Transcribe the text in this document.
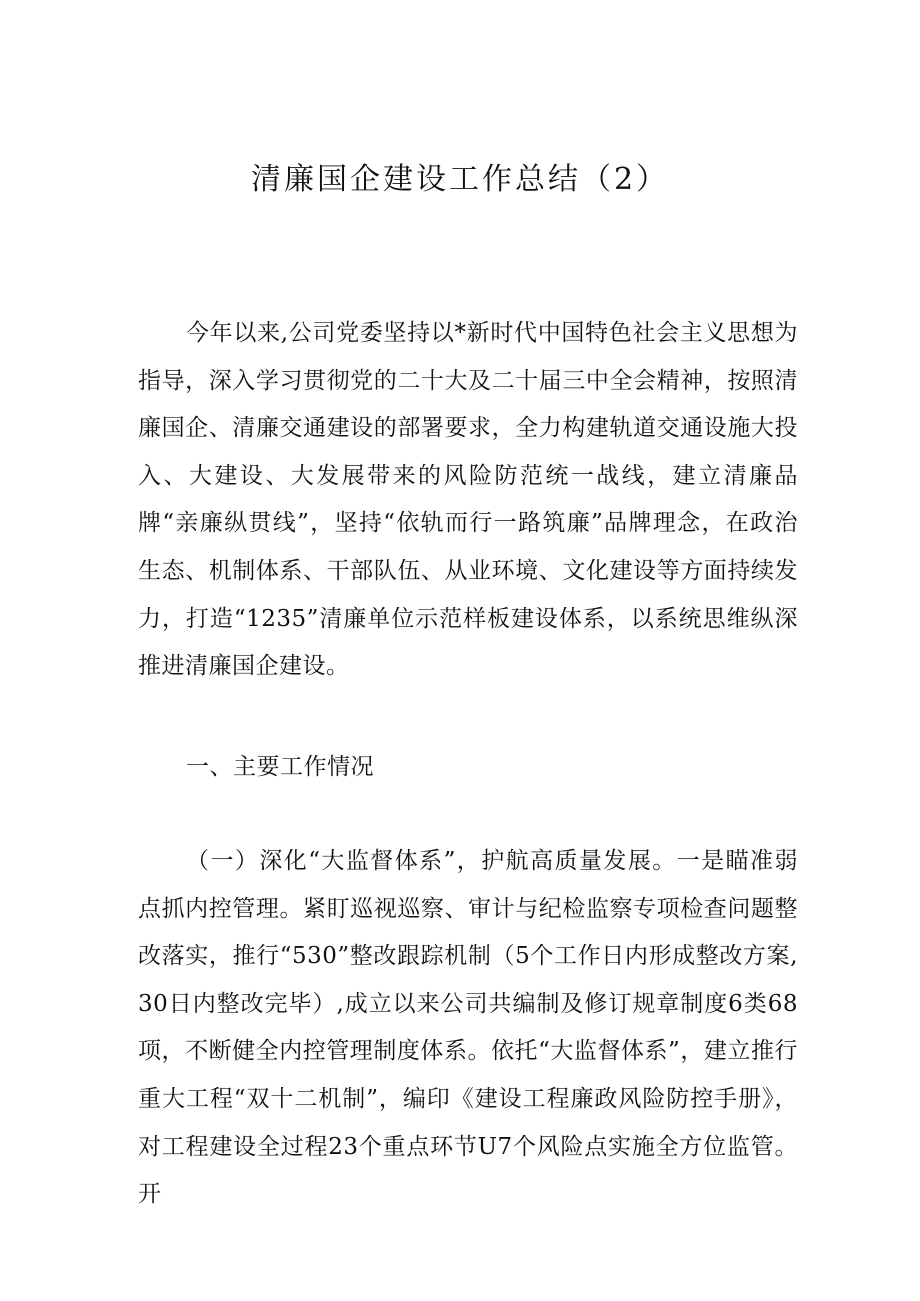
清廉国企建设工作总结（2）

今年以来,公司党委坚持以*新时代中国特色社会主义思想为指导，深入学习贯彻党的二十大及二十届三中全会精神，按照清廉国企、清廉交通建设的部署要求，全力构建轨道交通设施大投入、大建设、大发展带来的风险防范统一战线，建立清廉品牌“亲廉纵贯线”，坚持“依轨而行一路筑廉”品牌理念，在政治生态、机制体系、干部队伍、从业环境、文化建设等方面持续发力，打造“1235”清廉单位示范样板建设体系，以系统思维纵深推进清廉国企建设。

一、主要工作情况

（一）深化“大监督体系”，护航高质量发展。一是瞄准弱点抓内控管理。紧盯巡视巡察、审计与纪检监察专项检查问题整改落实，推行“530”整改跟踪机制（5个工作日内形成整改方案,30日内整改完毕）,成立以来公司共编制及修订规章制度6类68项，不断健全内控管理制度体系。依托“大监督体系”，建立推行重大工程“双十二机制”，编印《建设工程廉政风险防控手册》，对工程建设全过程23个重点环节U7个风险点实施全方位监管。开
